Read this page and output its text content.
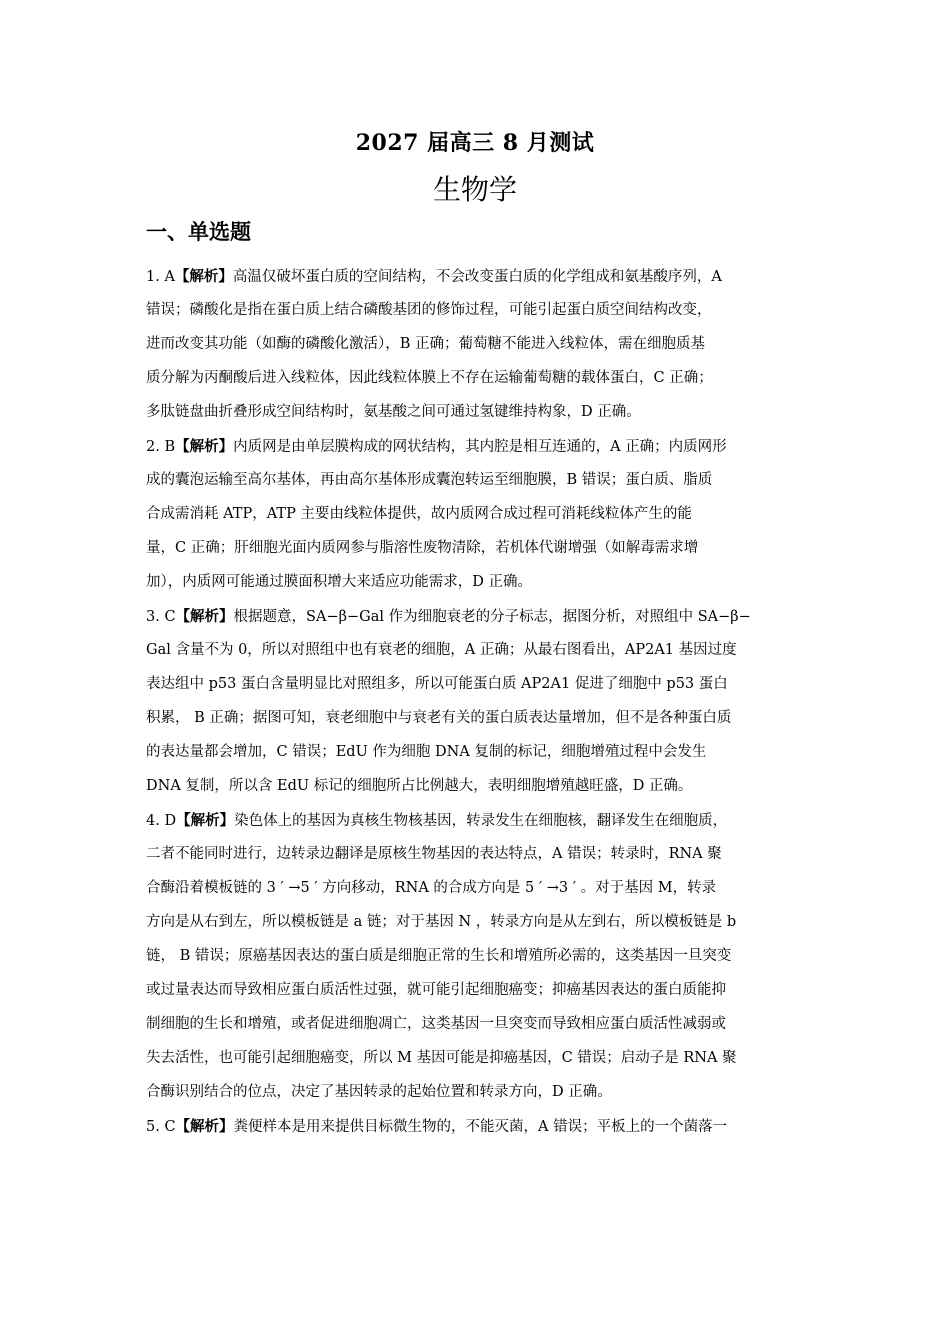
2027 届高三 8 月测试
生物学
一、单选题
1. A【解析】高温仅破坏蛋白质的空间结构，不会改变蛋白质的化学组成和氨基酸序列，A
错误；磷酸化是指在蛋白质上结合磷酸基团的修饰过程，可能引起蛋白质空间结构改变，
进而改变其功能（如酶的磷酸化激活），B 正确；葡萄糖不能进入线粒体，需在细胞质基
质分解为丙酮酸后进入线粒体，因此线粒体膜上不存在运输葡萄糖的载体蛋白，C 正确；
多肽链盘曲折叠形成空间结构时，氨基酸之间可通过氢键维持构象，D 正确。
2. B【解析】内质网是由单层膜构成的网状结构，其内腔是相互连通的，A 正确；内质网形
成的囊泡运输至高尔基体，再由高尔基体形成囊泡转运至细胞膜，B 错误；蛋白质、脂质
合成需消耗 ATP，ATP 主要由线粒体提供，故内质网合成过程可消耗线粒体产生的能
量，C 正确；肝细胞光面内质网参与脂溶性废物清除，若机体代谢增强（如解毒需求增
加），内质网可能通过膜面积增大来适应功能需求，D 正确。
3. C【解析】根据题意，SA−β−Gal 作为细胞衰老的分子标志，据图分析，对照组中 SA−β−
Gal 含量不为 0，所以对照组中也有衰老的细胞，A 正确；从最右图看出，AP2A1 基因过度
表达组中 p53 蛋白含量明显比对照组多，所以可能蛋白质 AP2A1 促进了细胞中 p53 蛋白
积累， B 正确；据图可知，衰老细胞中与衰老有关的蛋白质表达量增加，但不是各种蛋白质
的表达量都会增加，C 错误；EdU 作为细胞 DNA 复制的标记，细胞增殖过程中会发生
DNA 复制，所以含 EdU 标记的细胞所占比例越大，表明细胞增殖越旺盛，D 正确。
4. D【解析】染色体上的基因为真核生物核基因，转录发生在细胞核，翻译发生在细胞质，
二者不能同时进行，边转录边翻译是原核生物基因的表达特点，A 错误；转录时，RNA 聚
合酶沿着模板链的 3 ′ →5 ′ 方向移动，RNA 的合成方向是 5 ′ →3 ′ 。对于基因 M，转录
方向是从右到左，所以模板链是 a 链；对于基因 N ，转录方向是从左到右，所以模板链是 b
链， B 错误；原癌基因表达的蛋白质是细胞正常的生长和增殖所必需的，这类基因一旦突变
或过量表达而导致相应蛋白质活性过强，就可能引起细胞癌变；抑癌基因表达的蛋白质能抑
制细胞的生长和增殖，或者促进细胞凋亡，这类基因一旦突变而导致相应蛋白质活性减弱或
失去活性，也可能引起细胞癌变，所以 M 基因可能是抑癌基因，C 错误；启动子是 RNA 聚
合酶识别结合的位点，决定了基因转录的起始位置和转录方向，D 正确。
5. C【解析】粪便样本是用来提供目标微生物的，不能灭菌，A 错误；平板上的一个菌落一
